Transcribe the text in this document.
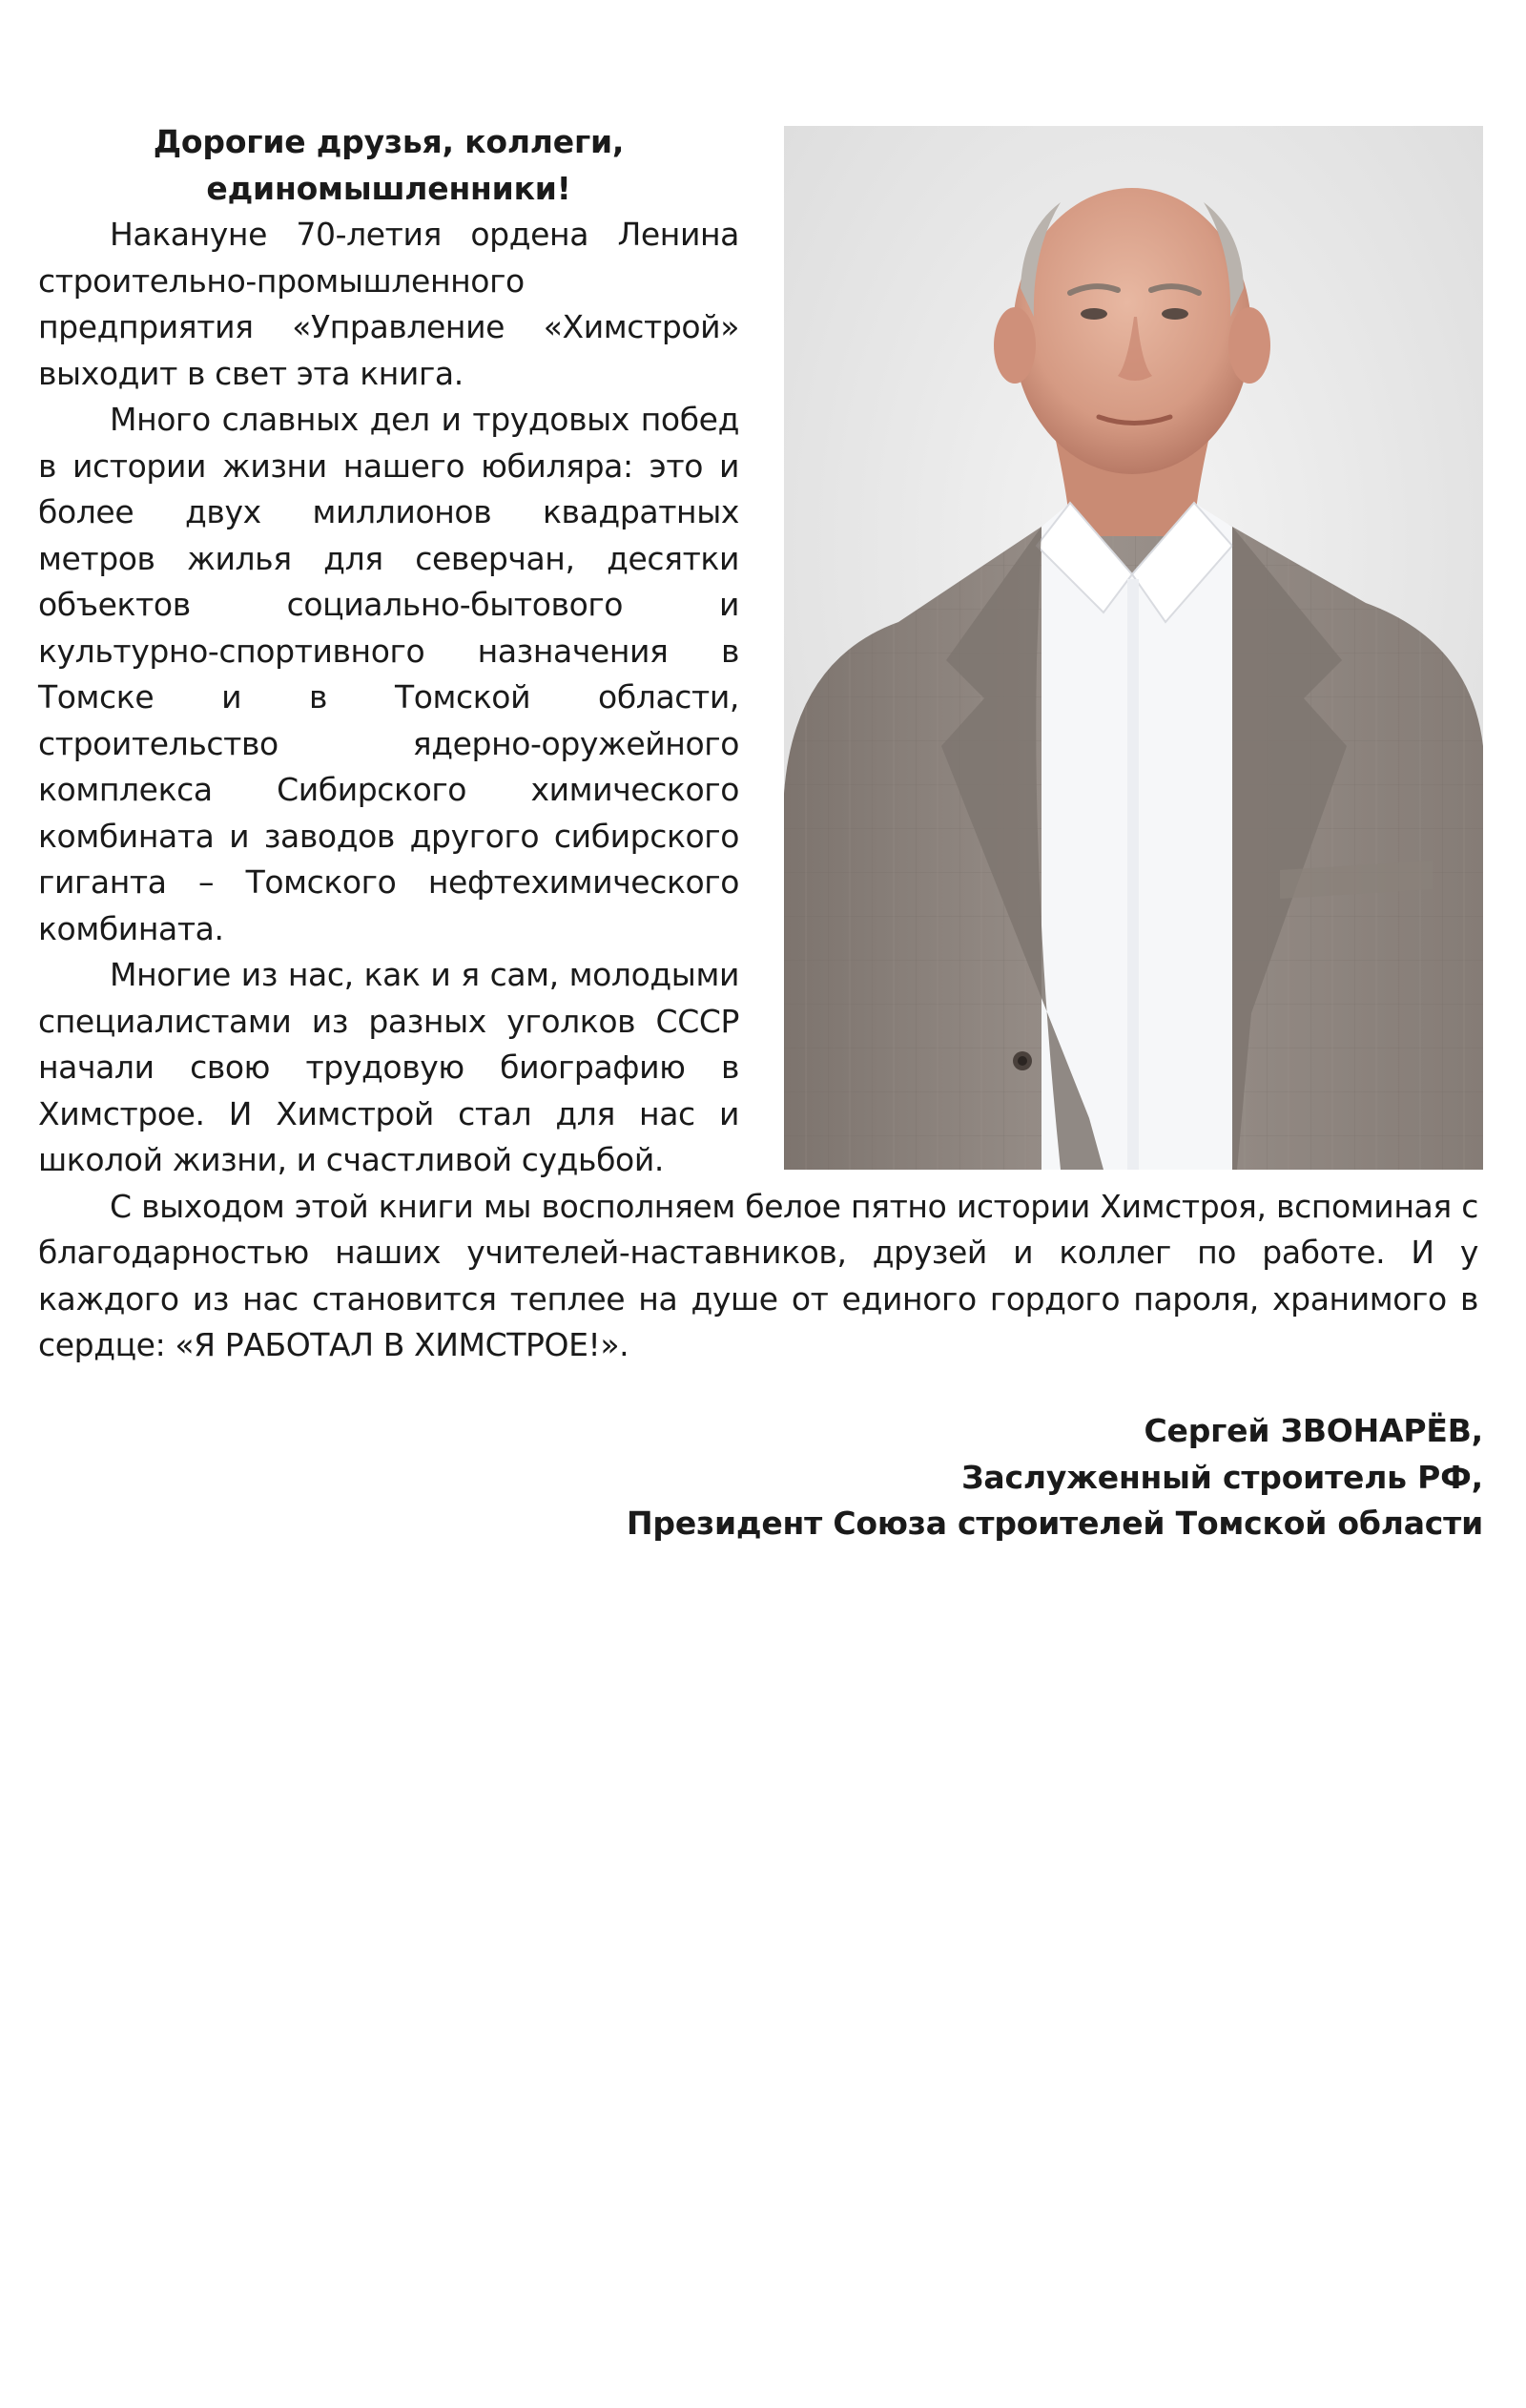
Дорогие друзья, коллеги, единомышленники!

Накануне 70-летия ордена Ленина строительно-промышленного предприятия «Управление «Химстрой» выходит в свет эта книга.

Много славных дел и трудовых побед в истории жизни нашего юбиляра: это и более двух миллионов квадратных метров жилья для северчан, десятки объектов социально-бытового и культурно-спортивного назначения в Томске и в Томской области, строительство ядерно-оружейного комплекса Сибирского химического комбината и заводов другого сибирского гиганта – Томского нефтехимического комбината.

Многие из нас, как и я сам, молодыми специалистами из разных уголков СССР начали свою трудовую биографию в Химстрое. И Химстрой стал для нас и школой жизни, и счастливой судьбой.

С выходом этой книги мы восполняем белое пятно истории Химстроя, вспоминая с благодарностью наших учителей-наставников, друзей и коллег по работе. И у каждого из нас становится теплее на душе от единого гордого пароля, хранимого в сердце: «Я РАБОТАЛ В ХИМСТРОЕ!».

Сергей ЗВОНАРЁВ,
Заслуженный строитель РФ,
Президент Союза строителей Томской области
